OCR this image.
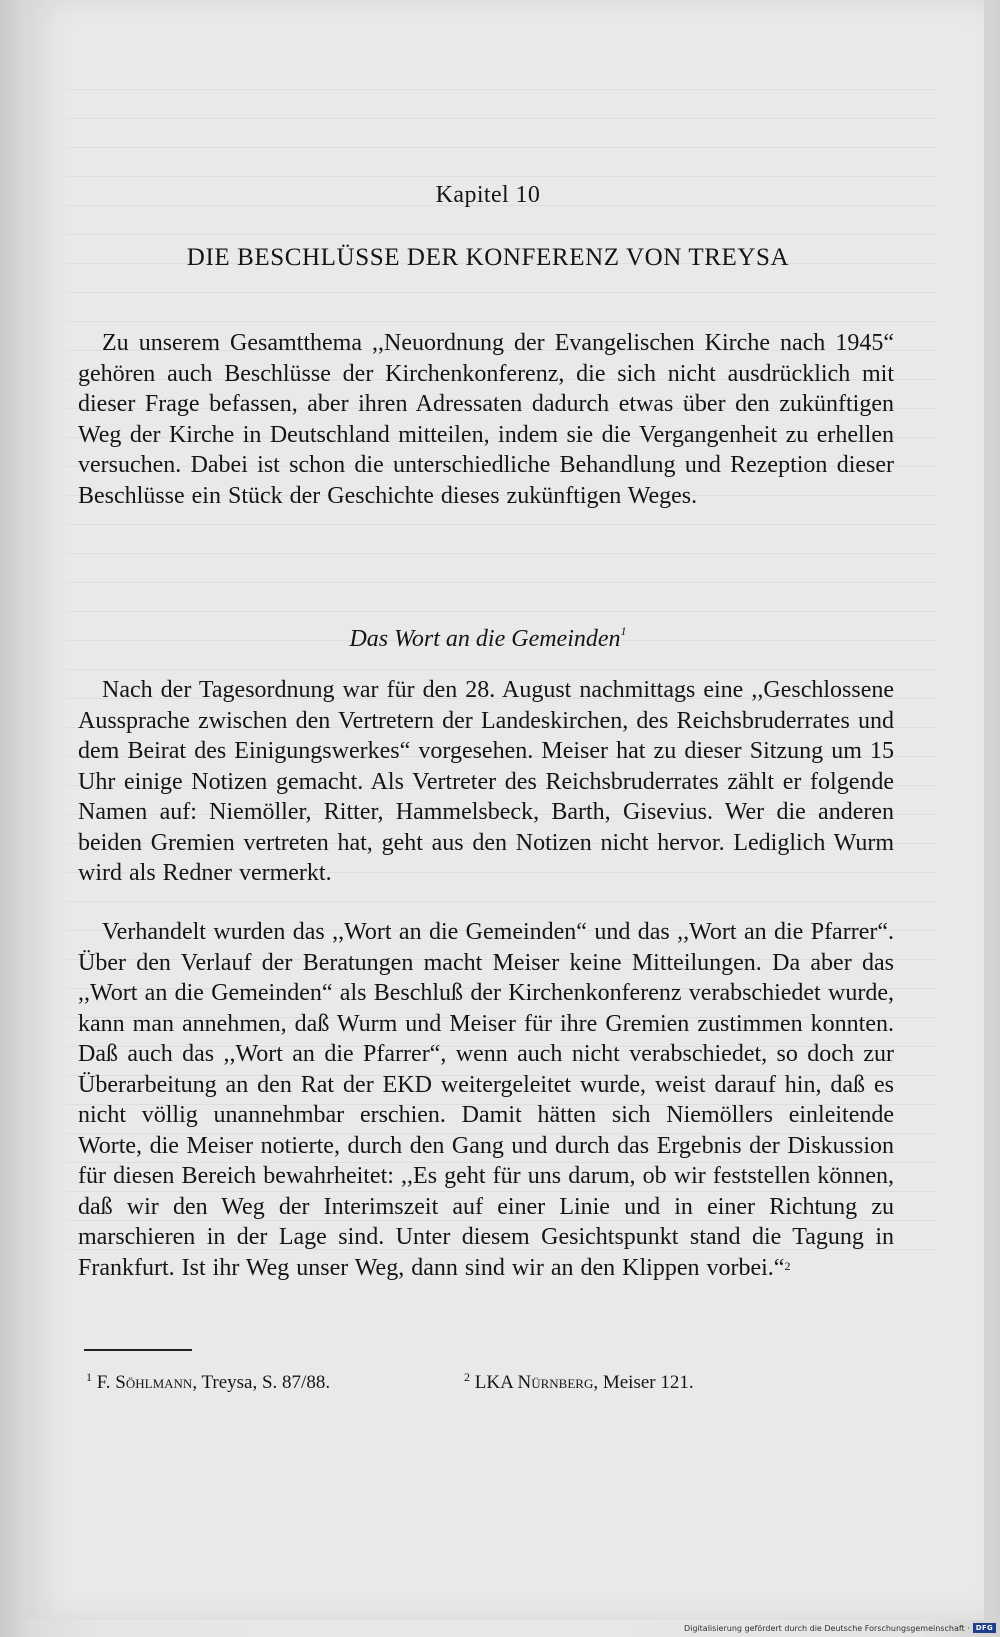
Kapitel 10
DIE BESCHLÜSSE DER KONFERENZ VON TREYSA

Zu unserem Gesamtthema ,,Neuordnung der Evangelischen Kirche nach 1945“ gehören auch Beschlüsse der Kirchenkonferenz, die sich nicht ausdrücklich mit dieser Frage befassen, aber ihren Adressaten dadurch etwas über den zukünftigen Weg der Kirche in Deutschland mitteilen, indem sie die Vergangenheit zu erhellen versuchen. Dabei ist schon die unterschiedliche Behandlung und Rezeption dieser Beschlüsse ein Stück der Geschichte dieses zukünftigen Weges.

Das Wort an die Gemeinden$^1$

Nach der Tagesordnung war für den 28. August nachmittags eine ,,Geschlossene Aussprache zwischen den Vertretern der Landeskirchen, des Reichsbruderrates und dem Beirat des Einigungswerkes“ vorgesehen. Meiser hat zu dieser Sitzung um 15 Uhr einige Notizen gemacht. Als Vertreter des Reichsbruderrates zählt er folgende Namen auf: Niemöller, Ritter, Hammelsbeck, Barth, Gisevius. Wer die anderen beiden Gremien vertreten hat, geht aus den Notizen nicht hervor. Lediglich Wurm wird als Redner vermerkt.

Verhandelt wurden das ,,Wort an die Gemeinden“ und das ,,Wort an die Pfarrer“. Über den Verlauf der Beratungen macht Meiser keine Mitteilungen. Da aber das ,,Wort an die Gemeinden“ als Beschluß der Kirchenkonferenz verabschiedet wurde, kann man annehmen, daß Wurm und Meiser für ihre Gremien zustimmen konnten. Daß auch das ,,Wort an die Pfarrer“, wenn auch nicht verabschiedet, so doch zur Überarbeitung an den Rat der EKD weitergeleitet wurde, weist darauf hin, daß es nicht völlig unannehmbar erschien. Damit hätten sich Niemöllers einleitende Worte, die Meiser notierte, durch den Gang und durch das Ergebnis der Diskussion für diesen Bereich bewahrheitet: ,,Es geht für uns darum, ob wir feststellen können, daß wir den Weg der Interimszeit auf einer Linie und in einer Richtung zu marschieren in der Lage sind. Unter diesem Gesichtspunkt stand die Tagung in Frankfurt. Ist ihr Weg unser Weg, dann sind wir an den Klippen vorbei.“$^2$

$^1$ F. Söhlmann, Treysa, S. 87/88.	$^2$ LKA Nürnberg, Meiser 121.
Digitalisierung gefördert durch die Deutsche Forschungsgemeinschaft · DFG
